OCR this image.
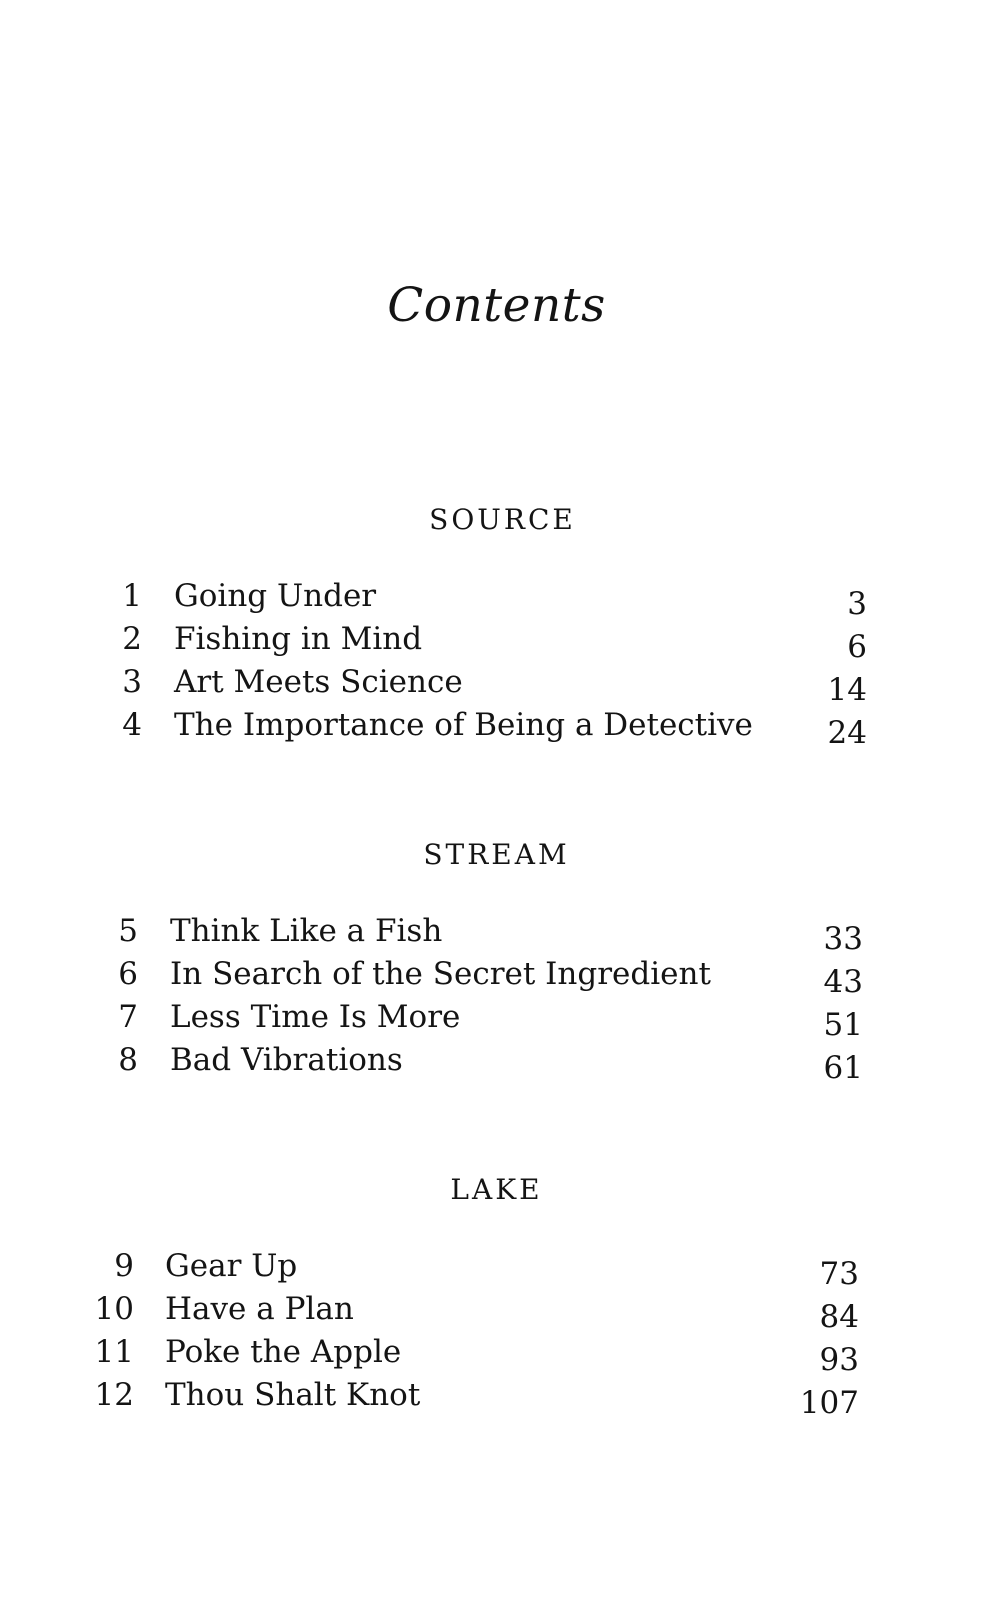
Contents
SOURCE
1 Going Under	3
2 Fishing in Mind	6
3 Art Meets Science	14
4 The Importance of Being a Detective	24
STREAM
5 Think Like a Fish	33
6 In Search of the Secret Ingredient	43
7 Less Time Is More	51
8 Bad Vibrations	61
LAKE
9 Gear Up	73
10 Have a Plan	84
11 Poke the Apple	93
12 Thou Shalt Knot	107
